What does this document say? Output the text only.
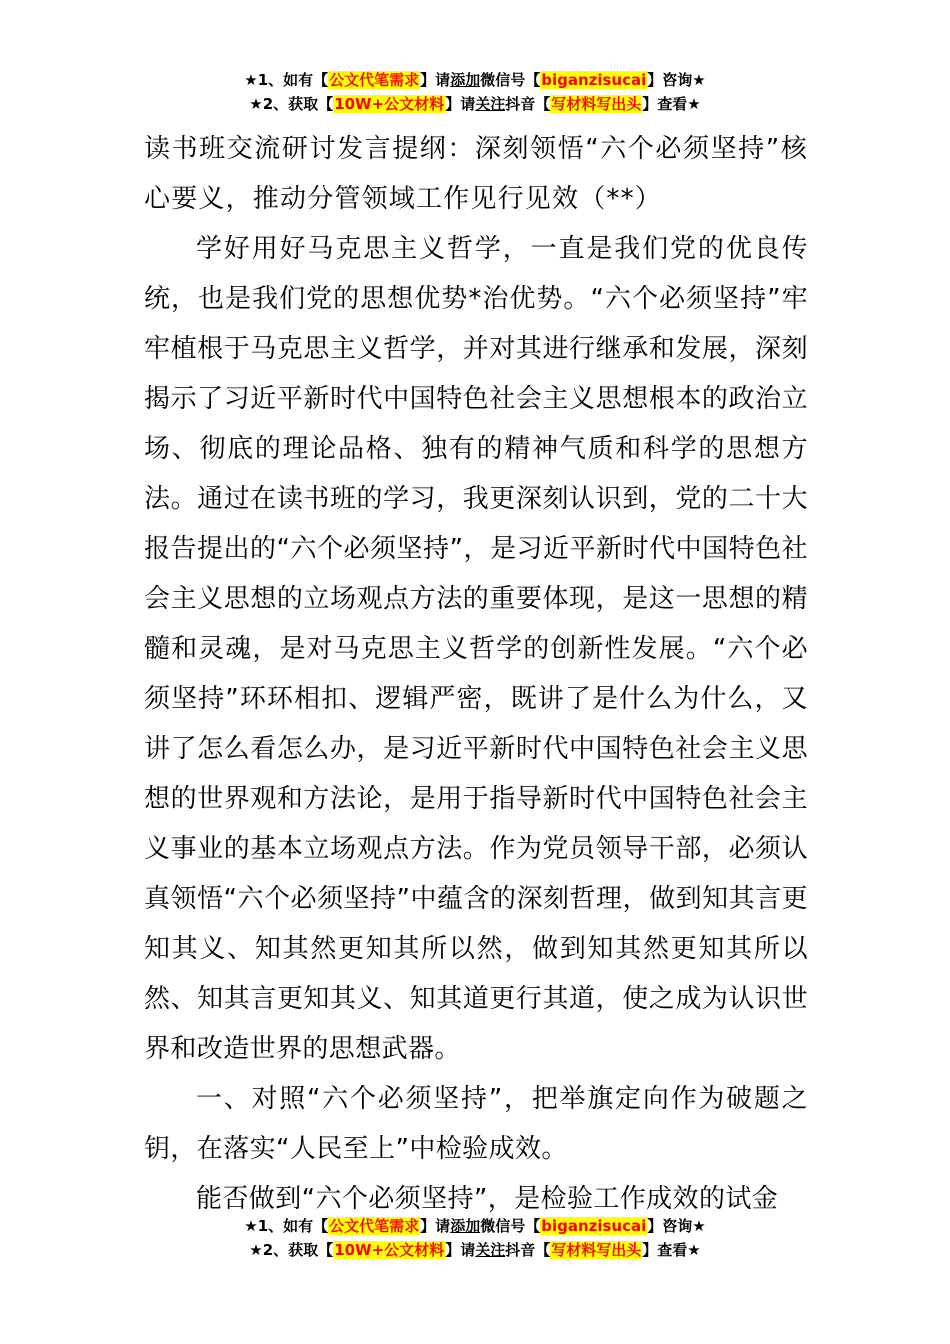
★1、如有【公文代笔需求】请添加微信号【biganzisucai】咨询★
★2、获取【10W+公文材料】请关注抖音【写材料写出头】查看★

读书班交流研讨发言提纲：深刻领悟“六个必须坚持”核心要义，推动分管领域工作见行见效（**）

学好用好马克思主义哲学，一直是我们党的优良传统，也是我们党的思想优势*治优势。“六个必须坚持”牢牢植根于马克思主义哲学，并对其进行继承和发展，深刻揭示了习近平新时代中国特色社会主义思想根本的政治立场、彻底的理论品格、独有的精神气质和科学的思想方法。通过在读书班的学习，我更深刻认识到，党的二十大报告提出的“六个必须坚持”，是习近平新时代中国特色社会主义思想的立场观点方法的重要体现，是这一思想的精髓和灵魂，是对马克思主义哲学的创新性发展。“六个必须坚持”环环相扣、逻辑严密，既讲了是什么为什么，又讲了怎么看怎么办，是习近平新时代中国特色社会主义思想的世界观和方法论，是用于指导新时代中国特色社会主义事业的基本立场观点方法。作为党员领导干部，必须认真领悟“六个必须坚持”中蕴含的深刻哲理，做到知其言更知其义、知其然更知其所以然，做到知其然更知其所以然、知其言更知其义、知其道更行其道，使之成为认识世界和改造世界的思想武器。

一、对照“六个必须坚持”，把举旗定向作为破题之钥，在落实“人民至上”中检验成效。

能否做到“六个必须坚持”，是检验工作成效的试金

★1、如有【公文代笔需求】请添加微信号【biganzisucai】咨询★
★2、获取【10W+公文材料】请关注抖音【写材料写出头】查看★
